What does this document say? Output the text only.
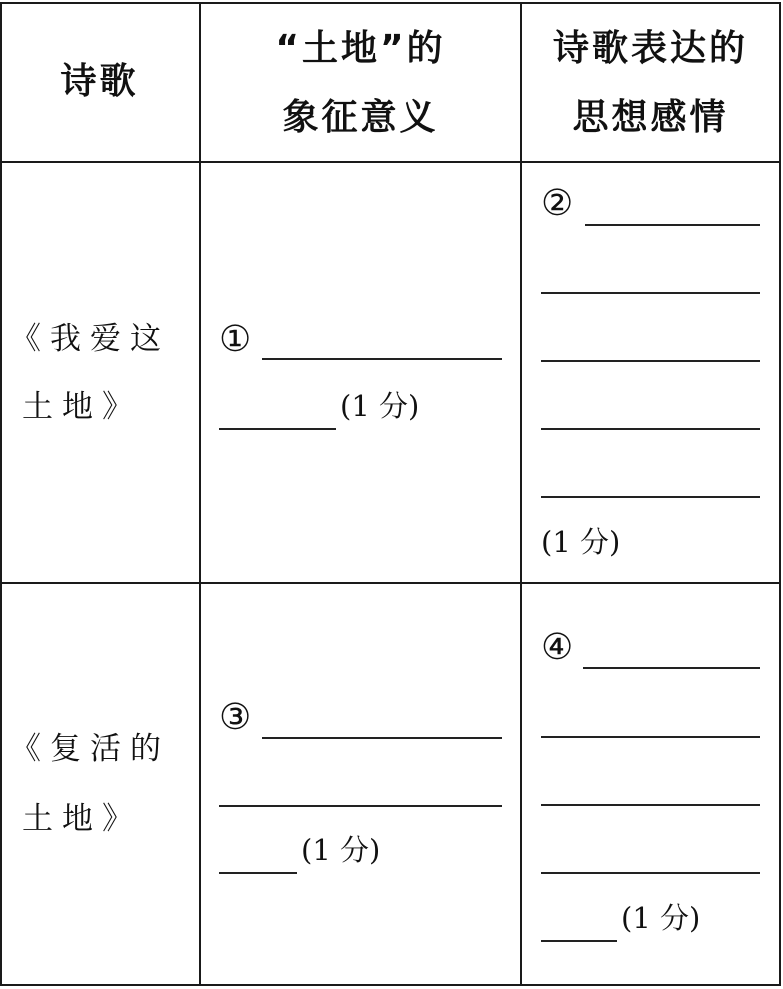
诗歌
“土地”的
象征意义
诗歌表达的
思想感情
《我爱这
土地》
①
(1 分)
②
(1 分)
《复活的
土地》
③
(1 分)
④
(1 分)
